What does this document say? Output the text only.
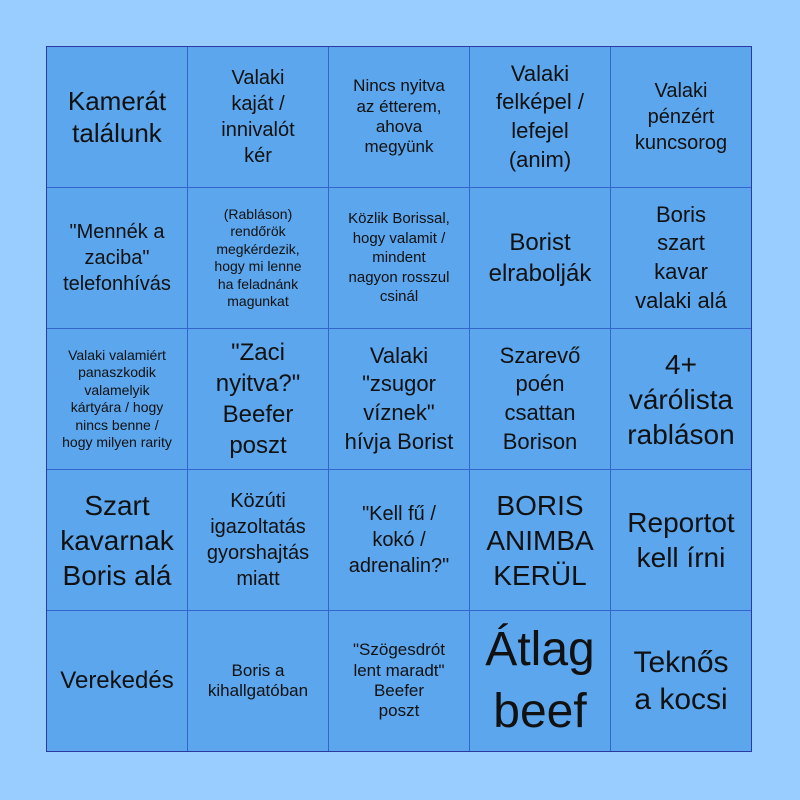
Kamerát
találunk
Valaki
kaját /
innivalót
kér
Nincs nyitva
az étterem,
ahova
megyünk
Valaki
felképel /
lefejel
(anim)
Valaki
pénzért
kuncsorog
"Mennék a
zaciba"
telefonhívás
(Rabláson)
rendőrök
megkérdezik,
hogy mi lenne
ha feladnánk
magunkat
Közlik Borissal,
hogy valamit /
mindent
nagyon rosszul
csinál
Borist
elrabolják
Boris
szart
kavar
valaki alá
Valaki valamiért
panaszkodik
valamelyik
kártyára / hogy
nincs benne /
hogy milyen rarity
"Zaci
nyitva?"
Beefer
poszt
Valaki
"zsugor
víznek"
hívja Borist
Szarevő
poén
csattan
Borison
4+
várólista
rabláson
Szart
kavarnak
Boris alá
Közúti
igazoltatás
gyorshajtás
miatt
"Kell fű /
kokó /
adrenalin?"
BORIS
ANIMBA
KERÜL
Reportot
kell írni
Verekedés	Boris a
kihallgatóban
"Szögesdrót
lent maradt"
Beefer
poszt
Átlag
beef
Teknős
a kocsi
